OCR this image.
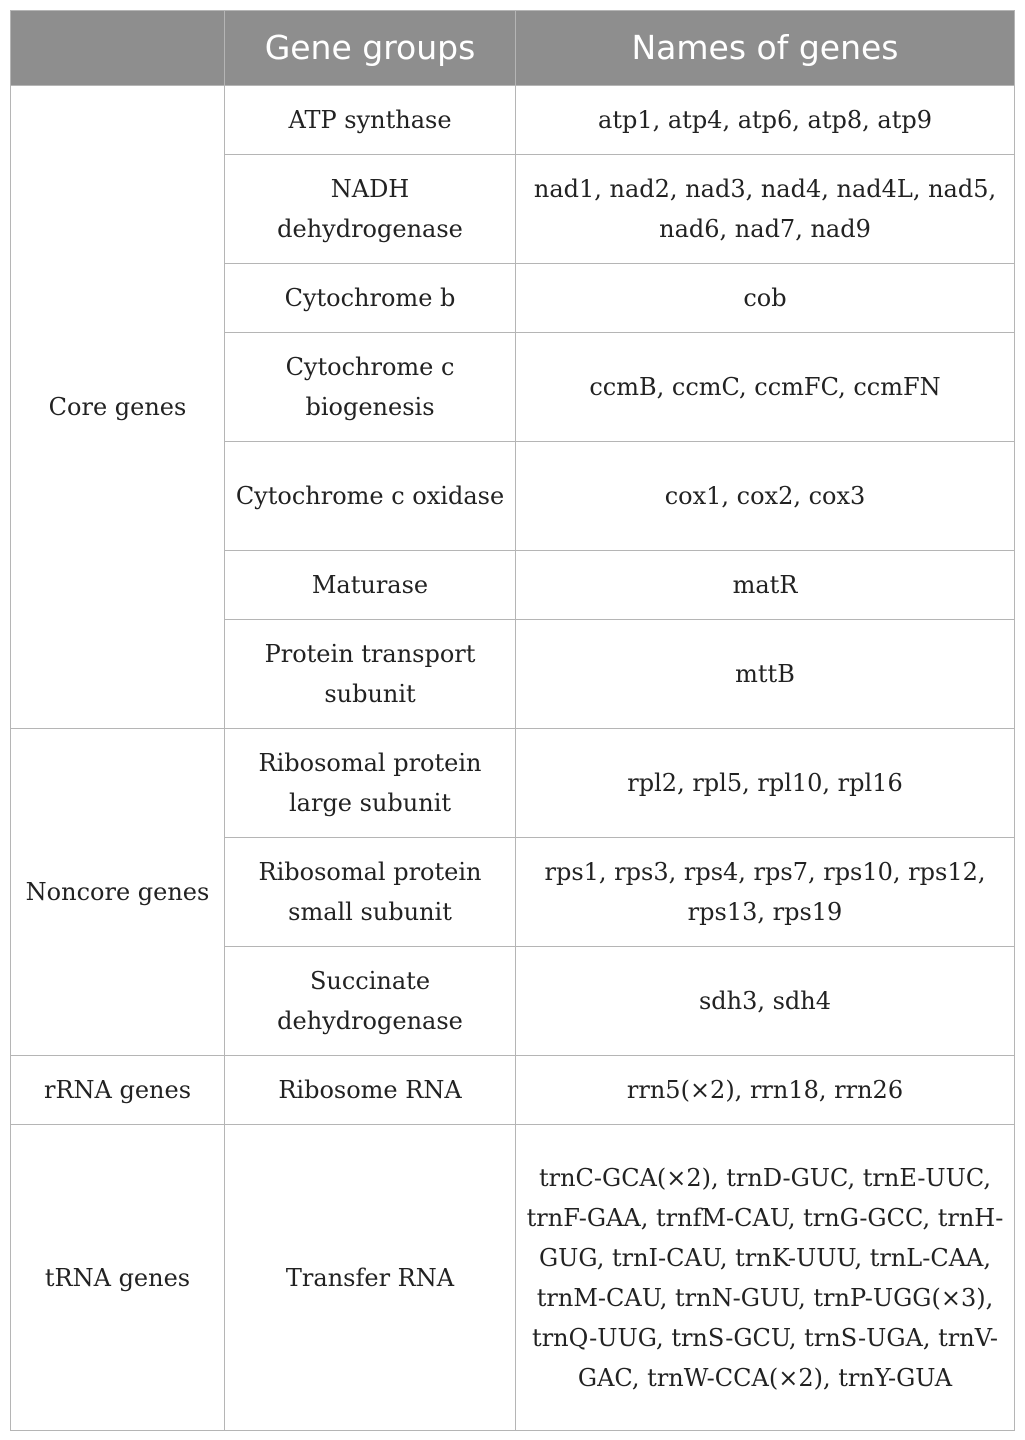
	Gene groups	Names of genes
Core genes	ATP synthase	atp1, atp4, atp6, atp8, atp9
	NADH dehydrogenase	nad1, nad2, nad3, nad4, nad4L, nad5, nad6, nad7, nad9
	Cytochrome b	cob
	Cytochrome c biogenesis	ccmB, ccmC, ccmFC, ccmFN
	Cytochrome c oxidase	cox1, cox2, cox3
	Maturase	matR
	Protein transport subunit	mttB
Noncore genes	Ribosomal protein large subunit	rpl2, rpl5, rpl10, rpl16
	Ribosomal protein small subunit	rps1, rps3, rps4, rps7, rps10, rps12, rps13, rps19
	Succinate dehydrogenase	sdh3, sdh4
rRNA genes	Ribosome RNA	rrn5(×2), rrn18, rrn26
tRNA genes	Transfer RNA	trnC-GCA(×2), trnD-GUC, trnE-UUC, trnF-GAA, trnfM-CAU, trnG-GCC, trnH-GUG, trnI-CAU, trnK-UUU, trnL-CAA, trnM-CAU, trnN-GUU, trnP-UGG(×3), trnQ-UUG, trnS-GCU, trnS-UGA, trnV-GAC, trnW-CCA(×2), trnY-GUA
